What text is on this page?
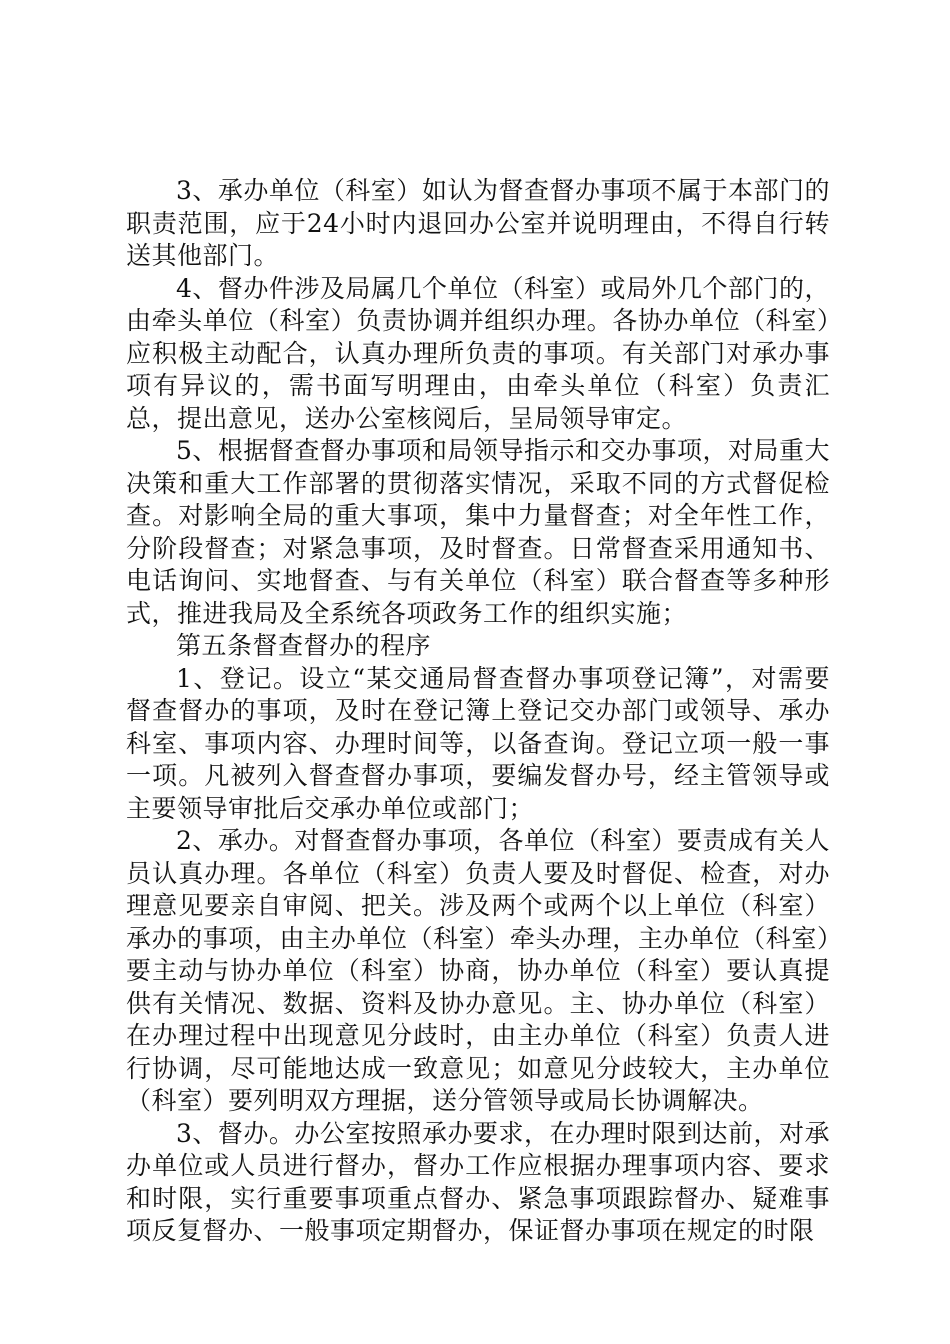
3、承办单位（科室）如认为督查督办事项不属于本部门的职责范围，应于24小时内退回办公室并说明理由，不得自行转送其他部门。

4、督办件涉及局属几个单位（科室）或局外几个部门的，由牵头单位（科室）负责协调并组织办理。各协办单位（科室）应积极主动配合，认真办理所负责的事项。有关部门对承办事项有异议的，需书面写明理由，由牵头单位（科室）负责汇总，提出意见，送办公室核阅后，呈局领导审定。

5、根据督查督办事项和局领导指示和交办事项，对局重大决策和重大工作部署的贯彻落实情况，采取不同的方式督促检查。对影响全局的重大事项，集中力量督查；对全年性工作，分阶段督查；对紧急事项，及时督查。日常督查采用通知书、电话询问、实地督查、与有关单位（科室）联合督查等多种形式，推进我局及全系统各项政务工作的组织实施；

第五条督查督办的程序

1、登记。设立“某交通局督查督办事项登记簿”，对需要督查督办的事项，及时在登记簿上登记交办部门或领导、承办科室、事项内容、办理时间等，以备查询。登记立项一般一事一项。凡被列入督查督办事项，要编发督办号，经主管领导或主要领导审批后交承办单位或部门；

2、承办。对督查督办事项，各单位（科室）要责成有关人员认真办理。各单位（科室）负责人要及时督促、检查，对办理意见要亲自审阅、把关。涉及两个或两个以上单位（科室）承办的事项，由主办单位（科室）牵头办理，主办单位（科室）要主动与协办单位（科室）协商，协办单位（科室）要认真提供有关情况、数据、资料及协办意见。主、协办单位（科室）在办理过程中出现意见分歧时，由主办单位（科室）负责人进行协调，尽可能地达成一致意见；如意见分歧较大，主办单位（科室）要列明双方理据，送分管领导或局长协调解决。

3、督办。办公室按照承办要求，在办理时限到达前，对承办单位或人员进行督办，督办工作应根据办理事项内容、要求和时限，实行重要事项重点督办、紧急事项跟踪督办、疑难事项反复督办、一般事项定期督办，保证督办事项在规定的时限
